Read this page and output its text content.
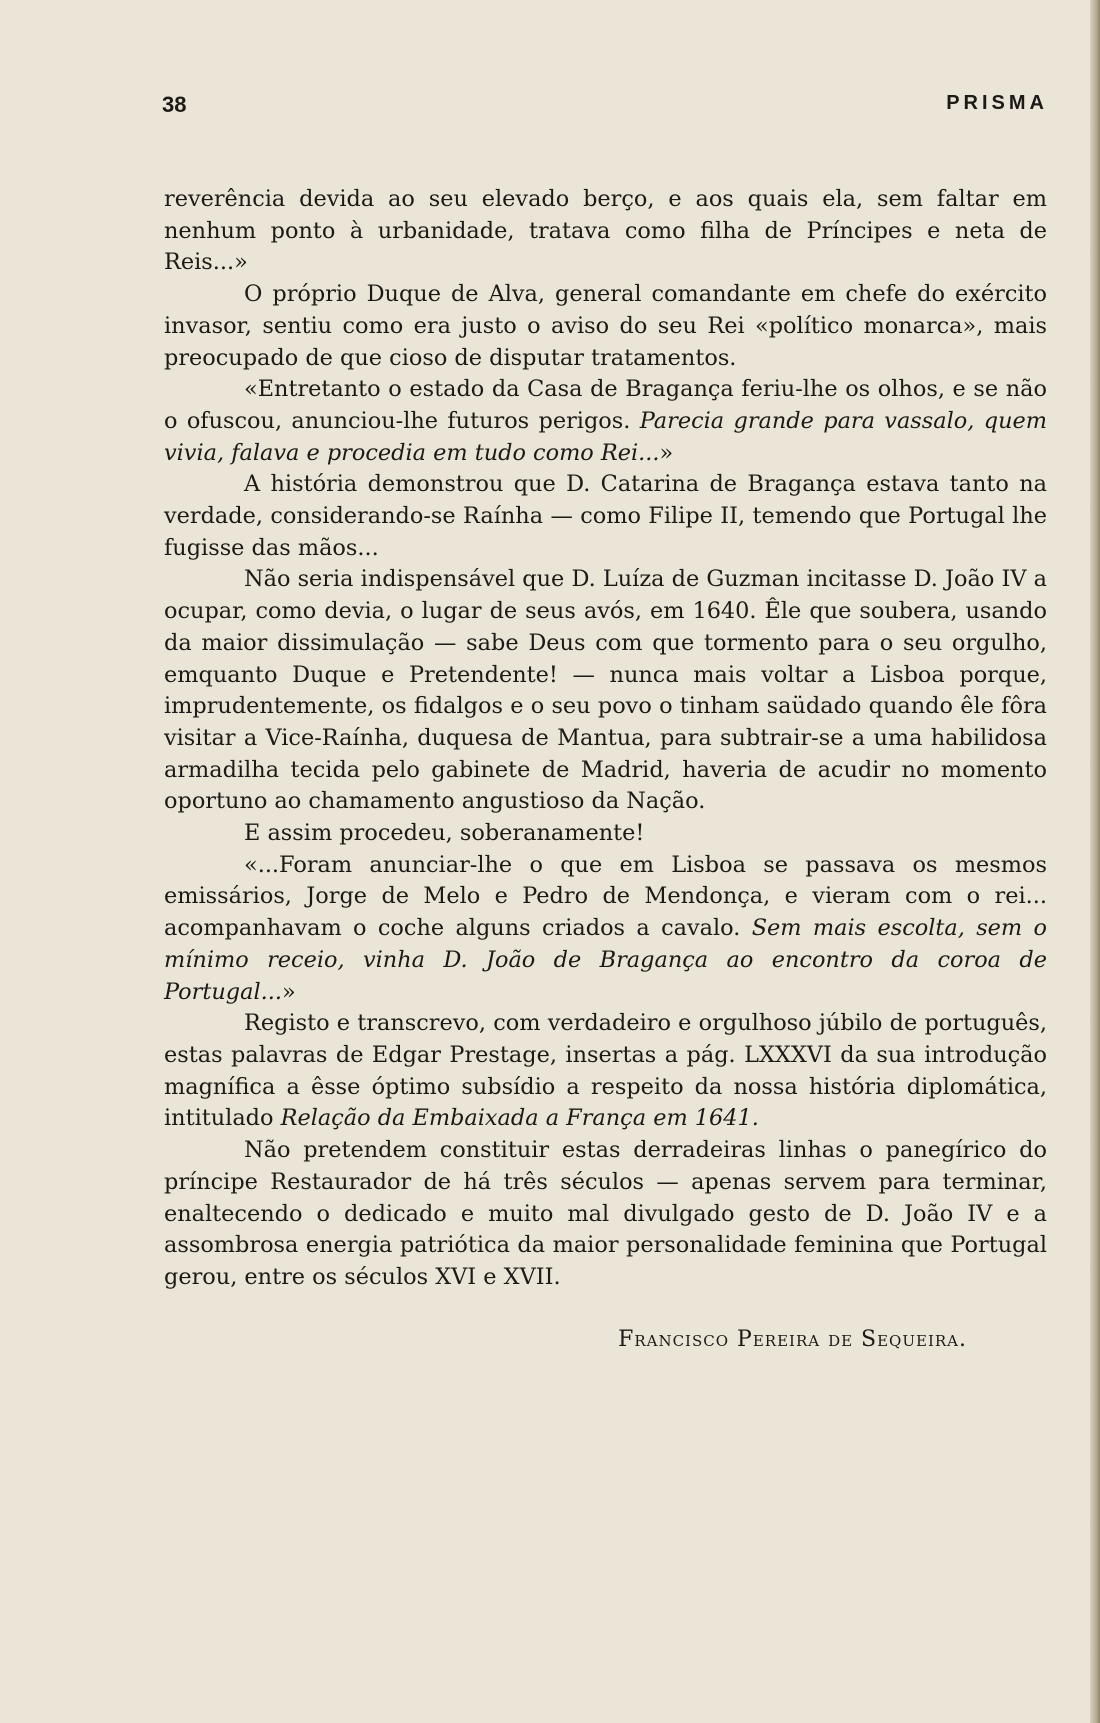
38	PRISMA

reverência devida ao seu elevado berço, e aos quais ela, sem faltar em nenhum ponto à urbanidade, tratava como filha de Príncipes e neta de Reis...»

O próprio Duque de Alva, general comandante em chefe do exército invasor, sentiu como era justo o aviso do seu Rei «político monarca», mais preocupado de que cioso de disputar tratamentos.

«Entretanto o estado da Casa de Bragança feriu-lhe os olhos, e se não o ofuscou, anunciou-lhe futuros perigos. Parecia grande para vassalo, quem vivia, falava e procedia em tudo como Rei...»

A história demonstrou que D. Catarina de Bragança estava tanto na verdade, considerando-se Raínha — como Filipe II, temendo que Portugal lhe fugisse das mãos...

Não seria indispensável que D. Luíza de Guzman incitasse D. João IV a ocupar, como devia, o lugar de seus avós, em 1640. Êle que soubera, usando da maior dissimulação — sabe Deus com que tormento para o seu orgulho, emquanto Duque e Pretendente! — nunca mais voltar a Lisboa porque, imprudentemente, os fidalgos e o seu povo o tinham saüdado quando êle fôra visitar a Vice-Raínha, duquesa de Mantua, para subtrair-se a uma habilidosa armadilha tecida pelo gabinete de Madrid, haveria de acudir no momento oportuno ao chamamento angustioso da Nação.

E assim procedeu, soberanamente!

«...Foram anunciar-lhe o que em Lisboa se passava os mesmos emissários, Jorge de Melo e Pedro de Mendonça, e vieram com o rei... acompanhavam o coche alguns criados a cavalo. Sem mais escolta, sem o mínimo receio, vinha D. João de Bragança ao encontro da coroa de Portugal...»

Registo e transcrevo, com verdadeiro e orgulhoso júbilo de português, estas palavras de Edgar Prestage, insertas a pág. LXXXVI da sua introdução magnífica a êsse óptimo subsídio a respeito da nossa história diplomática, intitulado Relação da Embaixada a França em 1641.

Não pretendem constituir estas derradeiras linhas o panegírico do príncipe Restaurador de há três séculos — apenas servem para terminar, enaltecendo o dedicado e muito mal divulgado gesto de D. João IV e a assombrosa energia patriótica da maior personalidade feminina que Portugal gerou, entre os séculos XVI e XVII.

Francisco Pereira de Sequeira.
